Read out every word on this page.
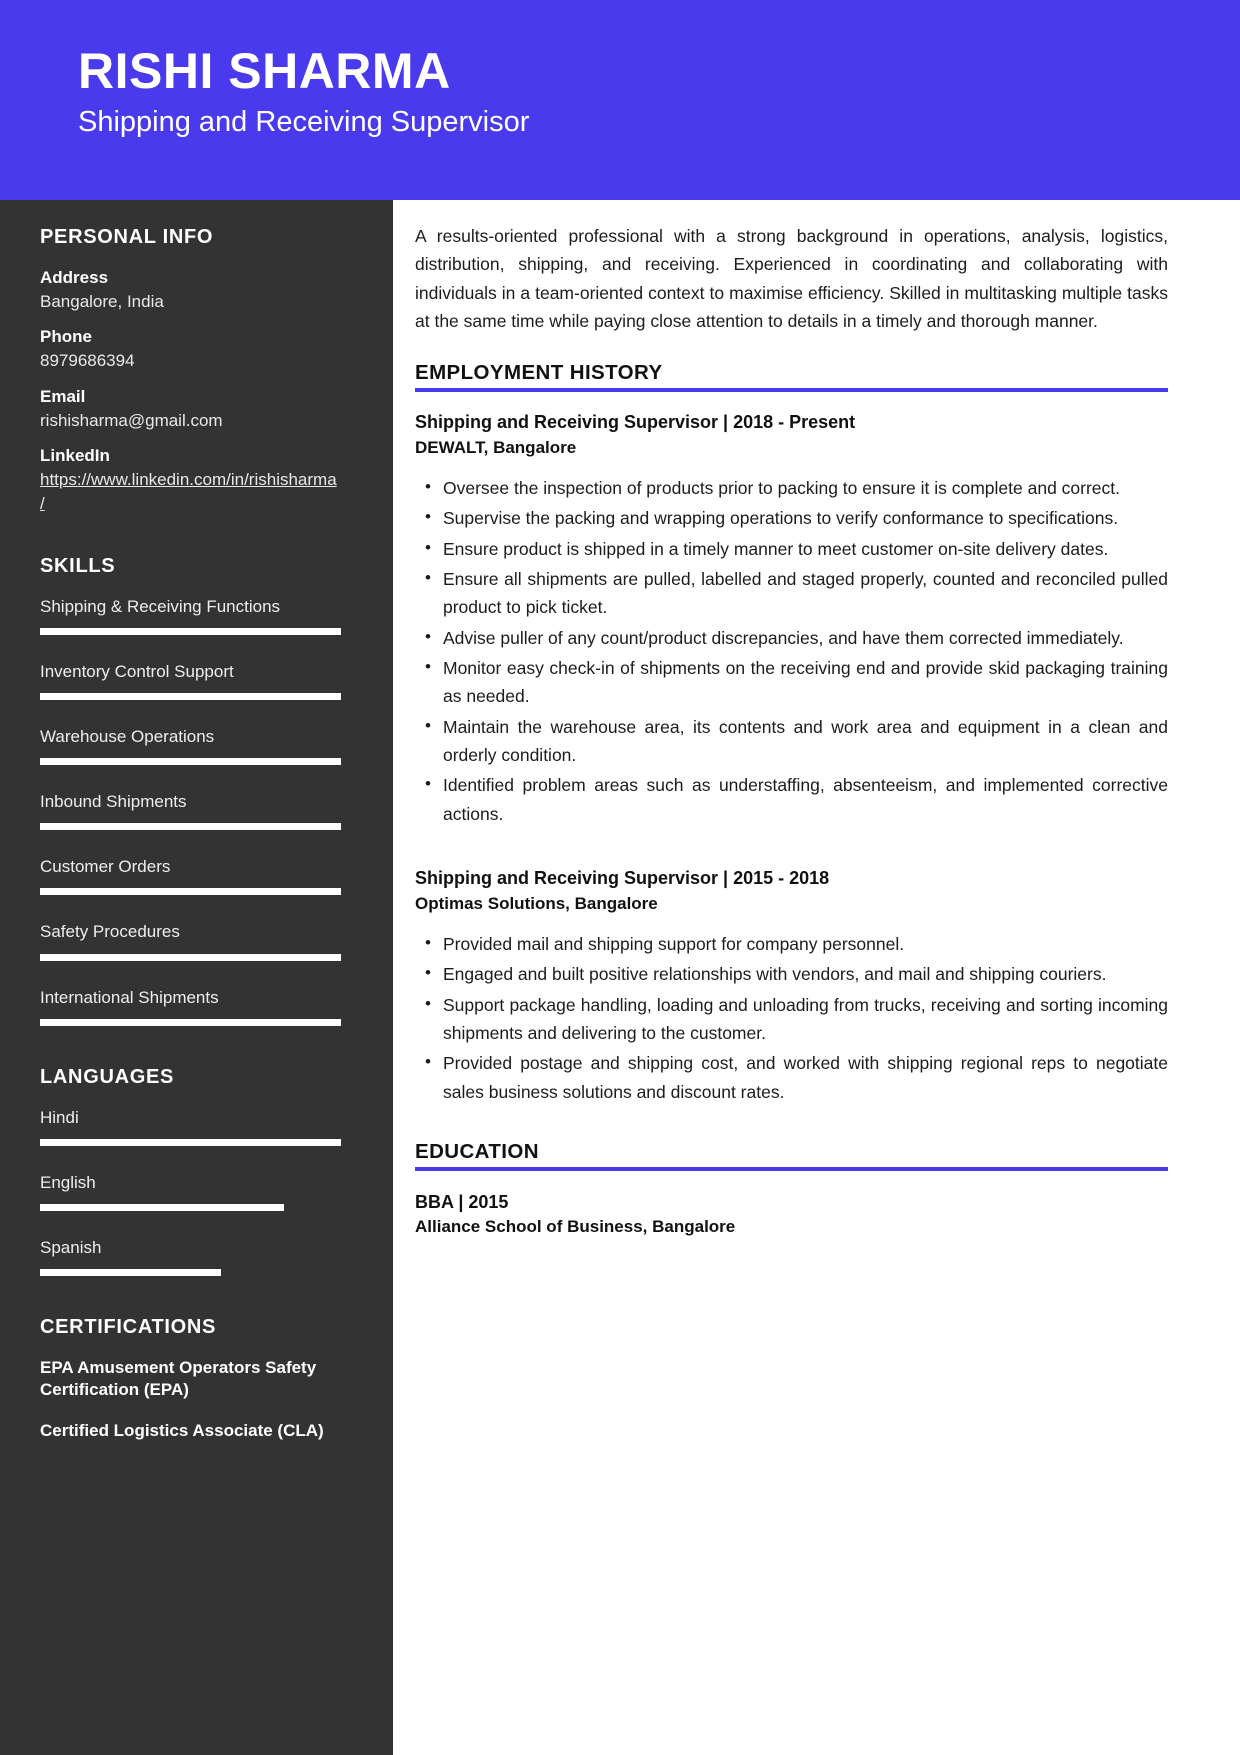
RISHI SHARMA
Shipping and Receiving Supervisor
PERSONAL INFO
Address
Bangalore, India
Phone
8979686394
Email
rishisharma@gmail.com
LinkedIn
https://www.linkedin.com/in/rishisharma/
SKILLS
Shipping & Receiving Functions
Inventory Control Support
Warehouse Operations
Inbound Shipments
Customer Orders
Safety Procedures
International Shipments
LANGUAGES
Hindi
English
Spanish
CERTIFICATIONS
EPA Amusement Operators Safety Certification (EPA)
Certified Logistics Associate (CLA)

A results-oriented professional with a strong background in operations, analysis, logistics, distribution, shipping, and receiving. Experienced in coordinating and collaborating with individuals in a team-oriented context to maximise efficiency. Skilled in multitasking multiple tasks at the same time while paying close attention to details in a timely and thorough manner.

EMPLOYMENT HISTORY
Shipping and Receiving Supervisor | 2018 - Present
DEWALT, Bangalore
• Oversee the inspection of products prior to packing to ensure it is complete and correct.
• Supervise the packing and wrapping operations to verify conformance to specifications.
• Ensure product is shipped in a timely manner to meet customer on-site delivery dates.
• Ensure all shipments are pulled, labelled and staged properly, counted and reconciled pulled product to pick ticket.
• Advise puller of any count/product discrepancies, and have them corrected immediately.
• Monitor easy check-in of shipments on the receiving end and provide skid packaging training as needed.
• Maintain the warehouse area, its contents and work area and equipment in a clean and orderly condition.
• Identified problem areas such as understaffing, absenteeism, and implemented corrective actions.
Shipping and Receiving Supervisor | 2015 - 2018
Optimas Solutions, Bangalore
• Provided mail and shipping support for company personnel.
• Engaged and built positive relationships with vendors, and mail and shipping couriers.
• Support package handling, loading and unloading from trucks, receiving and sorting incoming shipments and delivering to the customer.
• Provided postage and shipping cost, and worked with shipping regional reps to negotiate sales business solutions and discount rates.
EDUCATION
BBA | 2015
Alliance School of Business, Bangalore
